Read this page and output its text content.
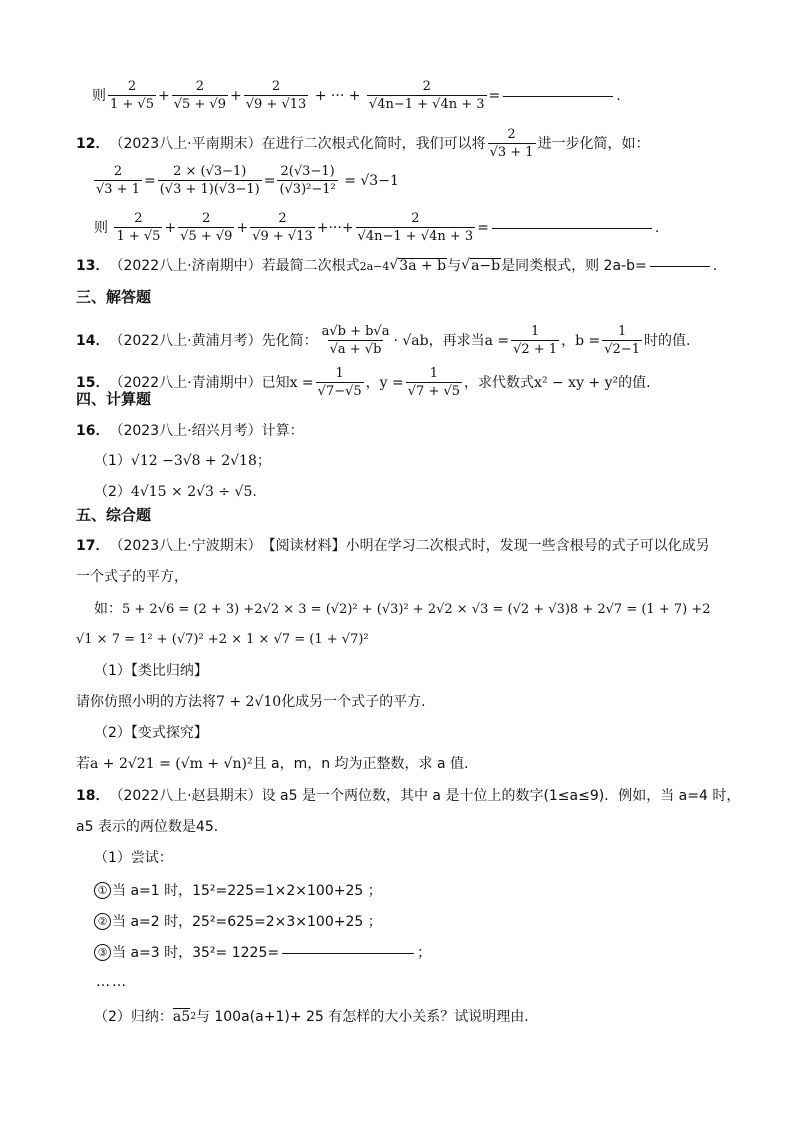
则 $\frac{2}{1 + √5} + \frac{2}{√5 + √9} + \frac{2}{√9 + √13}$ + ··· + $\frac{2}{√4n-1 + √4n + 3}$ =	.
12． （2023八上·平南期末） 在进行二次根式化简时，我们可以将 $\frac{2}{√3 + 1}$ 进一步化简，如：
$\frac{2}{√3 + 1} = \frac{2 \times (√3-1)}{(√3 + 1)(√3-1)} = \frac{2(√3-1)}{\text{(√3)²−1²}} = √3-1$
则
$\frac{2}{1 + √5} + \frac{2}{√5 + √9} + \frac{2}{√9 + √13}$ +···+ $\frac{2}{√4n-1 + √4n + 3}$ =	.
13． （2022八上·济南期中） 若最简二次根式 2a−4 √ 3a + b 与 √ a−b 是同类根式，则 2a-b=	.
三、解答题
14． （2022八上·黄浦月考） 先化简： $\frac{a√b + b√a}{√a + √b} \cdot √ab$ ，再求当 $a = \frac{1}{√2 + 1}$ ，$b = \frac{1}{√2-1}$ 时的值.
15． （2022八上·青浦期中） 已知 $x = \frac{1}{√7-√5}$ ，$y = \frac{1}{√7 + √5}$ ，求代数式 x² − xy + y² 的值.
四、计算题
16． （2023八上·绍兴月考） 计算：
（1） √12 −3√8 + 2√18 ；
（2） 4√15 × 2√3 ÷ √5 .
五、综合题
17． （2023八上·宁波期末） 【阅读材料】小明在学习二次根式时，发现一些含根号的式子可以化成另
一个式子的平方，
如： 5 + 2√6 = (2 + 3) +2√2 × 3 = (√2)² + (√3)² + 2√2 × √3 = (√2 + √3)8 + 2√7 = (1 + 7) +2
√1 × 7 = 1² + (√7)² +2 × 1 × √7 = (1 + √7)²
（1）【类比归纳】
请你仿照小明的方法将 7 + 2√10 化成另一个式子的平方.
（2）【变式探究】
若 a + 2√21 = (√m + √n)² 且 a，m，n 均为正整数，求 a 值.
18． （2022八上·赵县期末） 设 a5 是一个两位数，其中 a 是十位上的数字(1≤a≤9)．例如，当 a=4 时，
a5 表示的两位数是45．
（1）尝试：
① 当 a=1 时，15²=225=1×2×100+25 ；
② 当 a=2 时，25²=625=2×3×100+25 ；
③ 当 a=3 时，35²= 1225=	；
……
（2）归纳： a5 2 与 100a(a+1)+ 25 有怎样的大小关系？试说明理由.
